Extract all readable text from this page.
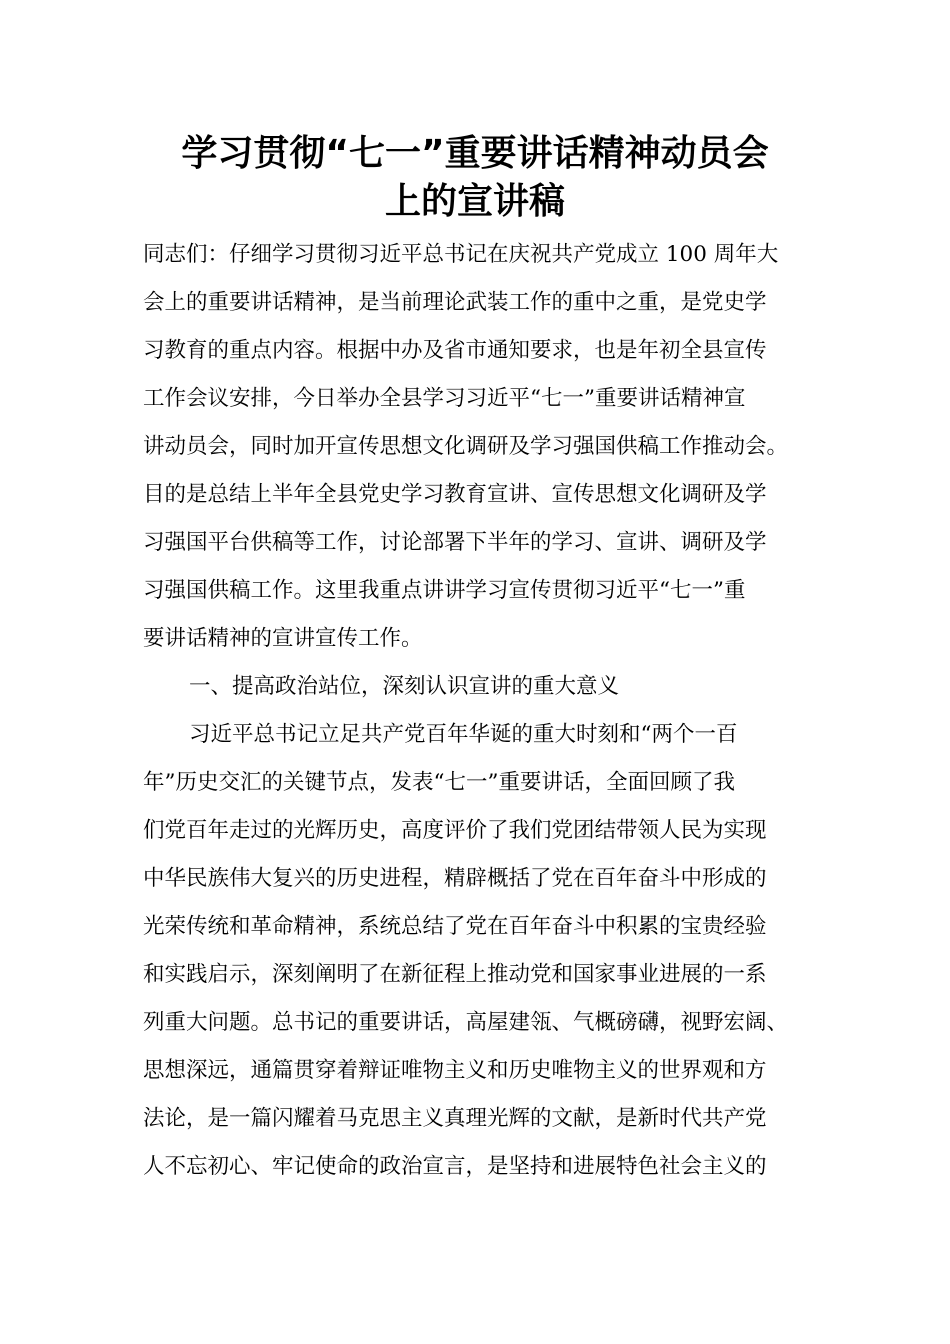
学习贯彻“七一”重要讲话精神动员会
上的宣讲稿
同志们：仔细学习贯彻习近平总书记在庆祝共产党成立 100 周年大
会上的重要讲话精神，是当前理论武装工作的重中之重，是党史学
习教育的重点内容。根据中办及省市通知要求，也是年初全县宣传
工作会议安排，今日举办全县学习习近平“七一”重要讲话精神宣
讲动员会，同时加开宣传思想文化调研及学习强国供稿工作推动会。
目的是总结上半年全县党史学习教育宣讲、宣传思想文化调研及学
习强国平台供稿等工作，讨论部署下半年的学习、宣讲、调研及学
习强国供稿工作。这里我重点讲讲学习宣传贯彻习近平“七一”重
要讲话精神的宣讲宣传工作。
一、提高政治站位，深刻认识宣讲的重大意义
习近平总书记立足共产党百年华诞的重大时刻和“两个一百
年”历史交汇的关键节点，发表“七一”重要讲话，全面回顾了我
们党百年走过的光辉历史，高度评价了我们党团结带领人民为实现
中华民族伟大复兴的历史进程，精辟概括了党在百年奋斗中形成的
光荣传统和革命精神，系统总结了党在百年奋斗中积累的宝贵经验
和实践启示，深刻阐明了在新征程上推动党和国家事业进展的一系
列重大问题。总书记的重要讲话，高屋建瓴、气概磅礴，视野宏阔、
思想深远，通篇贯穿着辩证唯物主义和历史唯物主义的世界观和方
法论，是一篇闪耀着马克思主义真理光辉的文献，是新时代共产党
人不忘初心、牢记使命的政治宣言，是坚持和进展特色社会主义的
